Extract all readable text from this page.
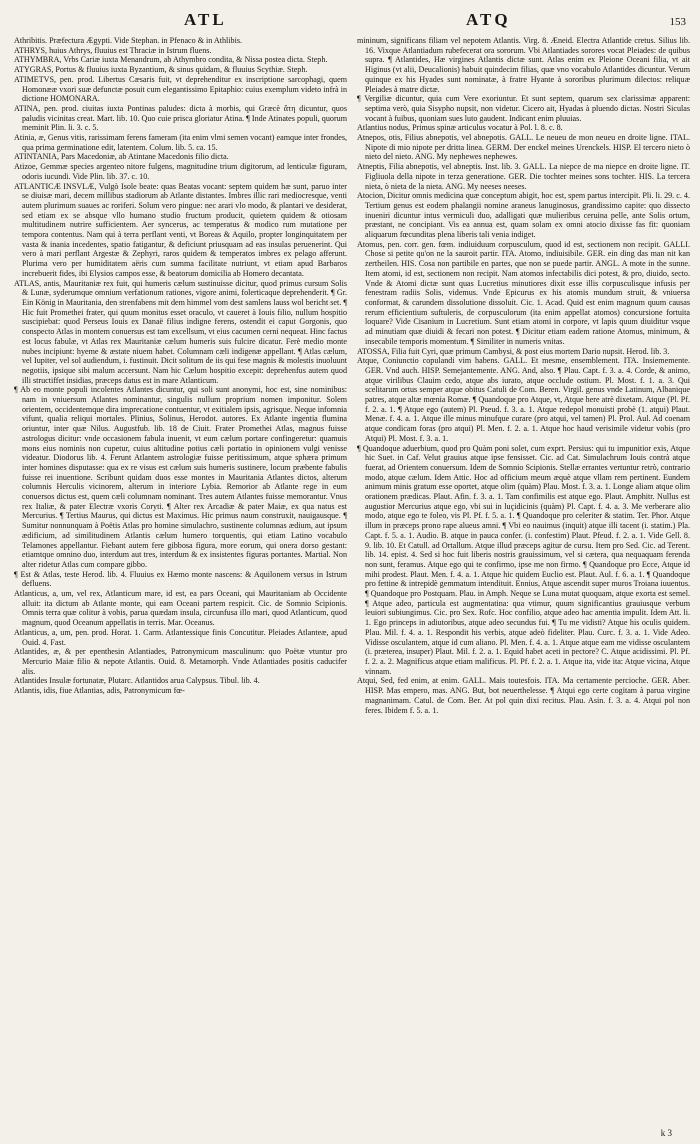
ATL	ATQ	153

Athribitis. Præfectura Ægypti. Vide Stephan. in Pfenaco & in Athlibis.

ATHRYS, huius Athrys, fluuius est Thraciæ in Istrum fluens.

ATHYMBRA, Vrbs Cariæ iuxta Menandrum, ab Athymbro condita, & Nissa postea dicta. Steph.

ATYGRAS, Portus & fluuius iuxta Byzantium, & sinus quidam, & fluuius Scythiæ. Steph.

ATIMETVS, pen. prod. Libertus Cæsaris fuit, vt deprehenditur ex inscriptione sarcophagi, quem Homonææ vxori suæ defunctæ posuit cum elegantissimo Epitaphio: cuius exemplum videto infrà in dictione HOMONARA.

ATINA, pen. prod. ciuitas iuxta Pontinas paludes: dicta à morbis, qui Græcè ἄτη dicuntur, quos paludis vicinitas creat. Mart. lib. 10. Quo cuie prisca gloriatur Atina. ¶ Inde Atinates populi, quorum meminit Plin. li. 3. c. 5.

Atinia, æ, Genus vitis, rarissimam ferens fameram (ita enim vlmi semen vocant) eamque inter frondes, qua prima germinatione edit, latentem. Colum. lib. 5. ca. 15.

ATINTANIA, Pars Macedoniæ, ab Atintane Macedonis filio dicta.

Atizoe, Gemmæ species argenteo nitore fulgens, magnitudine trium digitorum, ad lenticulæ figuram, odoris iucundi. Vide Plin. lib. 37. c. 10.

ATLANTICÆ INSVLÆ, Vulgò Isole beate: quas Beatas vocant: septem quidem hæ sunt, paruo inter se diuisæ mari, decem millibus stadiorum ab Atlante distantes. Imbres illic rari mediocresque, venti autem plurimum suaues ac roriferi. Solum vero pingue: nec arari vlo modo, & plantari ve desiderat, sed etiam ex se absque vllo humano studio fructum producit, quietem quidem & otiosam multitudinem nutrire sufficientem. Aer syncerus, ac temperatus & modico rum mutatione per tempora contentus. Nam qui à terra perflant venti, vt Boreas & Aquilo, propter longinquitatem per vasta & inania incedentes, spatio fatigantur, & deficiunt priusquam ad eas insulas peruenerint. Qui vero à mari perflant Argestæ & Zephyri, raros quidem & temperatos imbres ex pelago afferunt. Plurima vero per humiditatem aëris cum summa facilitate nutriunt, vt etiam apud Barbaros increbuerit fides, ibi Elysios campos esse, & beatorum domicilia ab Homero decantata.

ATLAS, antis, Mauritaniæ rex fuit, qui humeris cælum sustinuisse dicitur, quod primus cursum Solis & Lunæ, syderumque omnium verfationum rationes, vigore animi, folerticaque deprehenderit. ¶ Gr. Ein König in Mauritania, den strenfabens mit dem himmel vom dest samlens lauss wol bericht set. ¶ Hic fuit Promethei frater, qui quum monitus esset oraculo, vt caueret à Iouis filio, nullum hospitio suscipiebat: quod Perseus Iouis ex Danaë filius indigne ferens, ostendit ei caput Gorgonis, quo conspecto Atlas in montem conuersus est tam excellsum, vt eius cacumen cerni nequeat. Hinc factus est locus fabulæ, vt Atlas rex Mauritaniæ cælum humeris suis fulcire dicatur. Ferè medio monte nubes incipiunt: hyeme & æstate niuem habet. Columnam cæli indigenæ appellant. ¶ Atlas cælum, vel Iupiter, vel sol audiendum, i. fustinuit. Dicit solitum de iis qui fese magnis & molestis inuoluunt negotiis, ipsique sibi malum accersunt. Nam hic Cælum hospitio excepit: deprehenfus autem quod illi structiffet insidias, præceps datus est in mare Atlanticum.

¶ Ab eo monte populi incolentes Atlantes dicuntur, qui soli sunt anonymi, hoc est, sine nominibus: nam in vniuersum Atlantes nominantur, singulis nullum proprium nomen imponitur. Solem orientem, occidentemque dira imprecatione contuentur, vt exitialem ipsis, agrisque. Neque infomnia vifunt, qualia reliqui mortales. Plinius, Solinus, Herodot. autores. Ex Atlante ingentia flumina oriuntur, inter quæ Nilus. Augustfub. lib. 18 de Ciuit. Frater Promethei Atlas, magnus fuisse astrologus dicitur: vnde occasionem fabula inuenit, vt eum cælum portare confingeretur: quamuis mons eius nominis non cupetur, cuius altitudine potius cæli portatio in opinionem vulgi venisse videatur. Diodorus lib. 4. Ferunt Atlantem astrologiæ fuisse peritissimum, atque sphæra primum inter homines disputasse: qua ex re visus est cælum suis humeris sustinere, locum præbente fabulis fuisse rei inuentione. Scribunt quidam duos esse montes in Mauritania Atlantes dictos, alterum columnis Herculis vicinorem, alterum in interiore Lybia. Remorior ab Atlante rege in eum conuersos dictus est, quem cæli columnam nominant. Tres autem Atlantes fuisse memorantur. Vnus rex Italiæ, & pater Electræ vxoris Coryti. ¶ Alter rex Arcadiæ & pater Maiæ, ex qua natus est Mercurius. ¶ Tertius Maurus, qui dictus est Maximus. Hic primus naum construxit, nauigausque. ¶ Sumitur nonnunquam à Poëtis Atlas pro homine simulachro, sustinente columnas ædium, aut ipsum ædificium, ad similitudinem Atlantis cælum humero torquentis, qui etiam Latino vocabulo Telamones appellantur. Fiebant autem fere gibbosa figura, more eorum, qui onera dorso gestant: etiamtque omnino duo, interdum aut tres, interdum & ex insistentes figuras portantes. Martial. Non alter ridetur Atlas cum compare gibbo.

¶ Est & Atlas, teste Herod. lib. 4. Fluuius ex Hæmo monte nascens: & Aquilonem versus in Istrum defluens.

Atlanticus, a, um, vel rex, Atlanticum mare, id est, ea pars Oceani, qui Mauritaniam ab Occidente alluit: ita dictum ab Atlante monte, qui eam Oceani partem respicit. Cic. de Somnio Scipionis. Omnis terra quæ colitur à vobis, parua quædam insula, circunfusa illo mari, quod Atlanticum, quod magnum, quod Oceanum appellatis in terris. Mar. Oceanus.

Atlanticus, a, um, pen. prod. Horat. 1. Carm. Atlantessique finis Concutitur. Pleiades Atlanteæ, apud Ouid. 4. Fast.

Atlantides, æ, & per epenthesin Atlantiades, Patronymicum masculinum: quo Poëtæ vtuntur pro Mercurio Maiæ filio & nepote Atlantis. Ouid. 8. Metamorph. Vnde Atlantiades positis caducifer alis.

Atlantides Insulæ fortunatæ, Plutarc. Atlantidos arua Calypsus. Tibul. lib. 4.

Atlantis, idis, fiue Atlantias, adis, Patronymicum fœ-

mininum, significans filiam vel nepotem Atlantis. Virg. 8. Æneid. Electra Atlantide cretus. Silius lib. 16. Vixque Atlantiadum rubefecerat ora sororum. Vbi Atlantiades sorores vocat Pleiades: de quibus supra. ¶ Atlantides, Hæ virgines Atlantis dictæ sunt. Atlas enim ex Pleione Oceani filia, vt ait Higinus (vt alii, Deucalionis) habuit quindecim filias, quæ vno vocabulo Atlantides dicuntur. Verum quinque ex his Hyades sunt nominatæ, à fratre Hyante à sororibus plurimum dilectos: reliquæ Pleiades à matre dictæ.

¶ Vergiliæ dicuntur, quia cum Vere exoriuntur. Et sunt septem, quarum sex clarissimæ apparent: septima verò, quia Sisypho nupsit, non videtur. Cicero ait, Hyadas à pluendo dictas. Nostri Siculas vocant à fuibus, quoniam sues luto gaudent. Indicant enim pluuias.

Atlantius nodus, Primus spinæ articulus vocatur à Pol. l. 8. c. 8.

Atnepos, otis, Filius abnepotis, vel abnepotis. GALL. Le neueu de mon neueu en droite ligne. ITAL. Nipote di mio nipote per dritta linea. GERM. Der enckel meines Urenckels. HISP. El tercero nieto ò nieto del nieto. ANG. My nephewes nephewes.

Atneptis, Filia abnepotis, vel abneptis. Inst. lib. 3. GALL. La niepce de ma niepce en droite ligne. IT. Figliuola della nipote in terza generatione. GER. Die tochter meines sons tochter. HIS. La tercera nieta, ò nieta de la nieta. ANG. My neeses neeses.

Atocion, Dicitur omnis medicina quæ conceptum abigit, hoc est, spem partus intercipit. Pli. li. 29. c. 4. Tertium genus est eodem phalangii nomine araneus lanuginosus, grandissimo capite: quo dissecto inueniri dicuntur intus vermiculi duo, adalligati quæ mulieribus ceruina pelle, ante Solis ortum, præstant, ne concipiant. Vis ea annua est, quam solam ex omni atocio dixisse fas fit: quoniam aliquarum fœcunditas plena liberis tali venia indiget.

Atomus, pen. corr. gen. fœm. indiuiduum corpusculum, quod id est, sectionem non recipit. GALLI. Chose si petite qu'on ne la sauroit partir. ITA. Atomo, indiuisibile. GER. ein ding das man nit kan zertheilen. HIS. Cosa non partibile en partes, que non se puede partir. ANGL. A mote in the sunne. Item atomi, id est, sectionem non recipit. Nam atomos infectabilis dici potest, & pro, diuido, secto. Vnde & Atomi dictæ sunt quas Lucretius minutiores dixit esse illis corpusculisque infusis per fenestram radiis Solis, videmus. Vnde Epicurus ex his atomis mundum struit, & vniuersa conformat, & carundem dissolutione dissoluit. Cic. 1. Acad. Quid est enim magnum quum causas rerum efficientium suftuleris, de corpusculorum (ita enim appellat atomos) concursione fortuita loquare? Vide Cisanium in Lucretium. Sunt etiam atomi in corpore, vt lapis quum diuiditur vsque ad minutiam quæ diuidi & fecari non potest. ¶ Dicitur etiam eadem ratione Atomus, minimum, & insecabile temporis momentum. ¶ Similiter in numeris vnitas.

ATOSSA, Filia fuit Cyri, quæ primum Cambysi, & post eius mortem Dario nupsit. Herod. lib. 3.

Atque, Coniunctio copulandi vim habens. GALL. Et mesme, ensemblement. ITA. Insiememente. GER. Vnd auch. HISP. Semejantemente. ANG. And, also. ¶ Plau. Capt. f. 3. a. 4. Corde, & animo, atque virilibus Clauim cedo, atque abs iurato, atque occlude ostium. Pl. Most. f. 1. a. 3. Qui scelitarum ortus semper atque obitus Catuli de Com. Beren. Virgil. genus vnde Latinum, Albanique patres, atque altæ mœnia Romæ. ¶ Quandoque pro Atque, vt, Atque here atrè dixetam. Atque (Pl. Pf. f. 2. a. 1. ¶ Atque ego (autem) Pl. Pseud. f. 3. a. 1. Atque redepol monuisti probè (1. atqui) Plaut. Menæ. f. 4. a. 1. Atque ille minus minufque curare (pro atqui, vel tamen) Pl. Prol. Aul. Ad coenam atque condicam foras (pro atqui) Pl. Men. f. 2. a. 1. Atque hoc haud verisimile videtur vobis (pro Atqui) Pl. Most. f. 3. a. 1.

¶ Quandoque aduerbium, quod pro Quàm poni solet, cum exprt. Persius: qui tu impunitior exis, Atque hic Suet. in Caf. Velut grauius atque ipse fensisset. Cic. ad Cat. Simulachrum Iouis contrà atque fuerat, ad Orientem conuersum. Idem de Somnio Scipionis. Stellæ errantes vertuntur retrò, contrario modo, atque cælum. Idem Attic. Hoc ad officium meum æquè atque vllam rem pertinent. Eundem animum minis gratum esse oportet, atque olim (quàm) Plau. Most. f. 3. a. 1. Longe aliam atque olim orationem prædicas. Plaut. Afin. f. 3. a. 1. Tam confimilis est atque ego. Plaut. Amphitr. Nullus est augustior Mercurius atque ego, vbi sui in luçidicinis (quàm) Pl. Capt. f. 4. a. 3. Me verberare alio modo, atque ego te foleo, vis Pl. Pf. f. 5. a. 1. ¶ Quandoque pro celeriter & statim. Ter. Phor. Atque illum in præceps prono rape alueus amni. ¶ Vbi eo nauimus (inquit) atque illi tacent (i. statim.) Pla. Capt. f. 5. a. 1. Audio. B. atque in pauca confer. (i. confestim) Plaut. Pfeud. f. 2. a. 1. Vide Gell. 8. 9. lib. 10. Et Catull. ad Ortallum. Atque illud præceps agitur de cursu. Item pro Sed. Cic. ad Terent. lib. 14. epist. 4. Sed si hoc fuit liberis nostris grauissimum, vel si cætera, qua nequaquam ferenda non sunt, feramus. Atque ego qui te confirmo, ipse me non firmo. ¶ Quandoque pro Ecce, Atque id mihi prodest. Plaut. Men. f. 4. a. 1. Atque hic quidem Euclio est. Plaut. Aul. f. 6. a. 1. ¶ Quandoque pro fettine & intrepidè gemmatum intendituit. Ennius, Atque ascendit super muros Troiana iuuentus. ¶ Quandoque pro Postquam. Plau. in Amph. Neque se Luna mutat quoquam, atque exorta est semel. ¶ Atque adeo, particula est augmentatina: qua vtimur, quum significantius grauiusque verbum leuiori subiungimus. Cic. pro Sex. Rofc. Hoc confilio, atque adeo hac amentia impulit. Idem Att. li. 1. Ego princeps in adiutoribus, atque adeo secundus fui. ¶ Tu me vidisti? Atque his oculis quidem. Plau. Mil. f. 4. a. 1. Respondit his verbis, atque adeò fideliter. Plau. Curc. f. 3. a. 1. Vide Adeo. Vidisse osculantem, atque id cum aliano. Pl. Men. f. 4. a. 1. Atque atque eam me vidisse osculantem (i. præterea, insuper) Plaut. Mil. f. 2. a. 1. Equid habet aceti in pectore? C. Atque acidissimi. Pl. Pf. f. 2. a. 2. Magnificus atque etiam malificus. Pl. Pf. f. 2. a. 1. Atque ita, vide ita: Atque vicina, Atque vinnam.

Atqui, Sed, fed enim, at enim. GALL. Mais toutesfois. ITA. Ma certamente percioche. GER. Aber. HISP. Mas empero, mas. ANG. But, bot neuerthelesse. ¶ Atqui ego certe cogitam à parua virgine magnanimam. Catul. de Com. Ber. At pol quin dixi recitus. Plau. Asin. f. 3. a. 4. Atqui pol non feres. Ibidem f. 5. a. 1.

k 3
